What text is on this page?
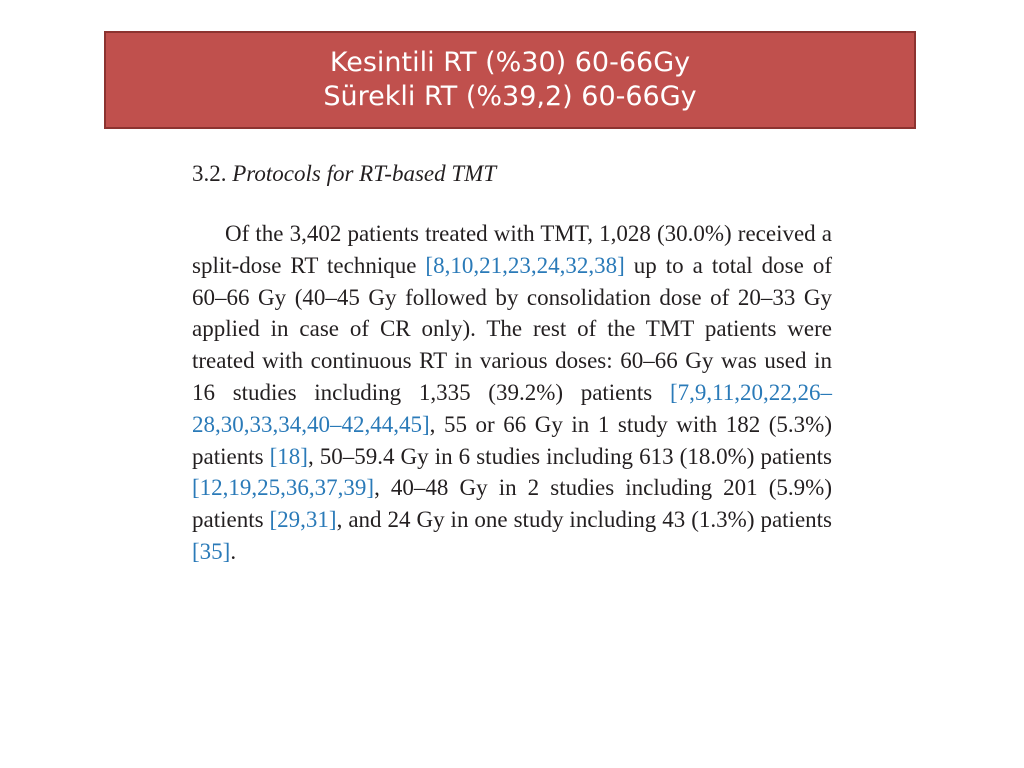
Kesintili RT (%30) 60-66Gy
Sürekli RT (%39,2) 60-66Gy
3.2. Protocols for RT-based TMT

Of the 3,402 patients treated with TMT, 1,028 (30.0%) received a split-dose RT technique [8,10,21,23,24,32,38] up to a total dose of 60–66 Gy (40–45 Gy followed by consolidation dose of 20–33 Gy applied in case of CR only). The rest of the TMT patients were treated with continuous RT in various doses: 60–66 Gy was used in 16 studies including 1,335 (39.2%) patients [7,9,11,20,22,26–28,30,33,34,40–42,44,45], 55 or 66 Gy in 1 study with 182 (5.3%) patients [18], 50–59.4 Gy in 6 studies including 613 (18.0%) patients [12,19,25,36,37,39], 40–48 Gy in 2 studies including 201 (5.9%) patients [29,31], and 24 Gy in one study including 43 (1.3%) patients [35].
